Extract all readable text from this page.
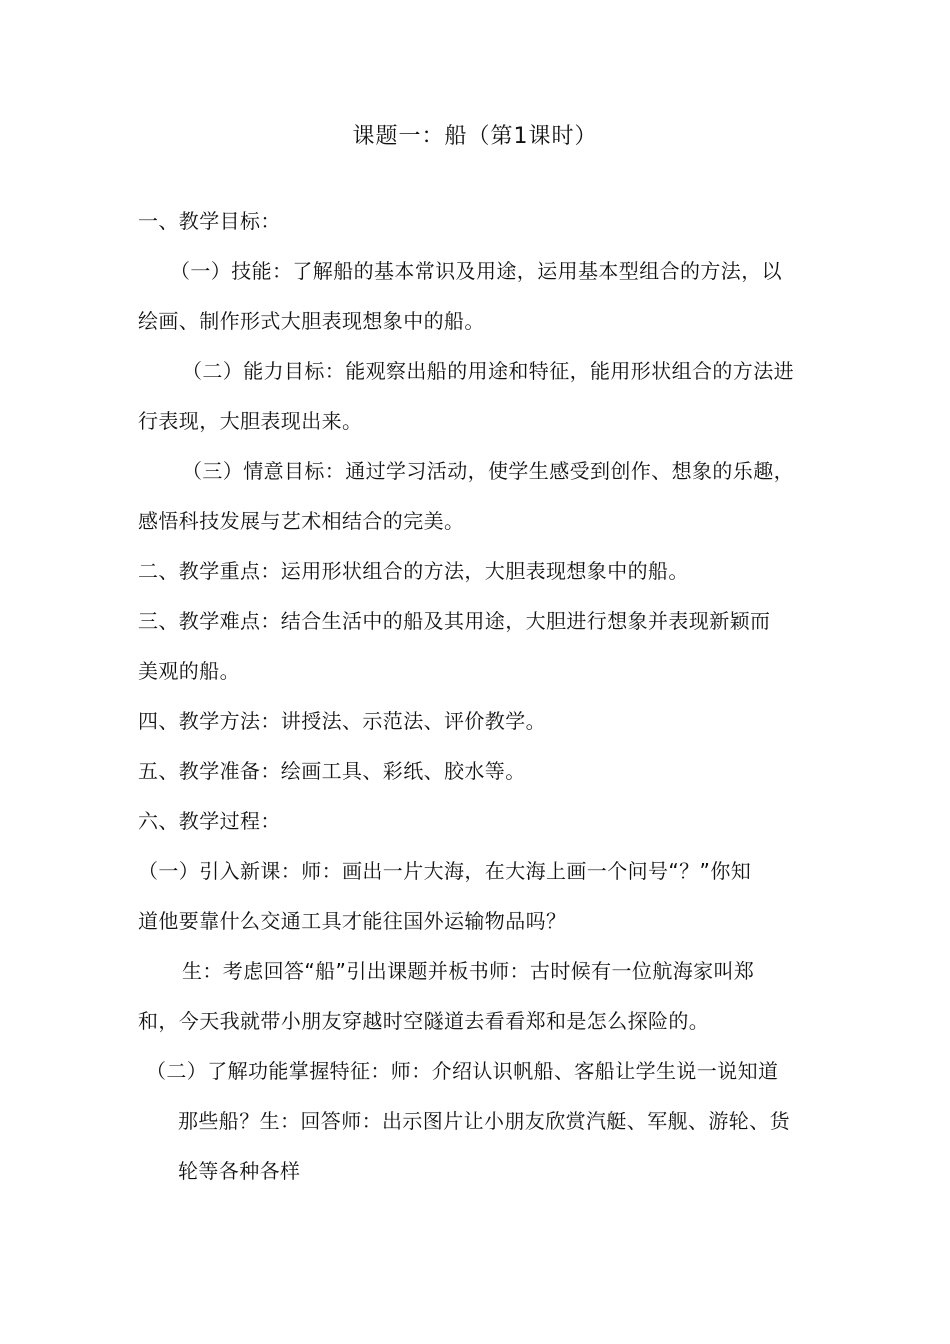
课题一：船（第1课时）
一、教学目标：
（一）技能：了解船的基本常识及用途，运用基本型组合的方法，以
绘画、制作形式大胆表现想象中的船。
（二）能力目标：能观察出船的用途和特征，能用形状组合的方法进
行表现，大胆表现出来。
（三）情意目标：通过学习活动，使学生感受到创作、想象的乐趣，
感悟科技发展与艺术相结合的完美。
二、教学重点：运用形状组合的方法，大胆表现想象中的船。
三、教学难点：结合生活中的船及其用途，大胆进行想象并表现新颖而
美观的船。
四、教学方法：讲授法、示范法、评价教学。
五、教学准备：绘画工具、彩纸、胶水等。
六、教学过程：
（一）引入新课：师：画出一片大海，在大海上画一个问号“？”你知
道他要靠什么交通工具才能往国外运输物品吗？
生：考虑回答“船”引出课题并板书师：古时候有一位航海家叫郑
和，今天我就带小朋友穿越时空隧道去看看郑和是怎么探险的。
（二）了解功能掌握特征：师：介绍认识帆船、客船让学生说一说知道
那些船？生：回答师：出示图片让小朋友欣赏汽艇、军舰、游轮、货
轮等各种各样
